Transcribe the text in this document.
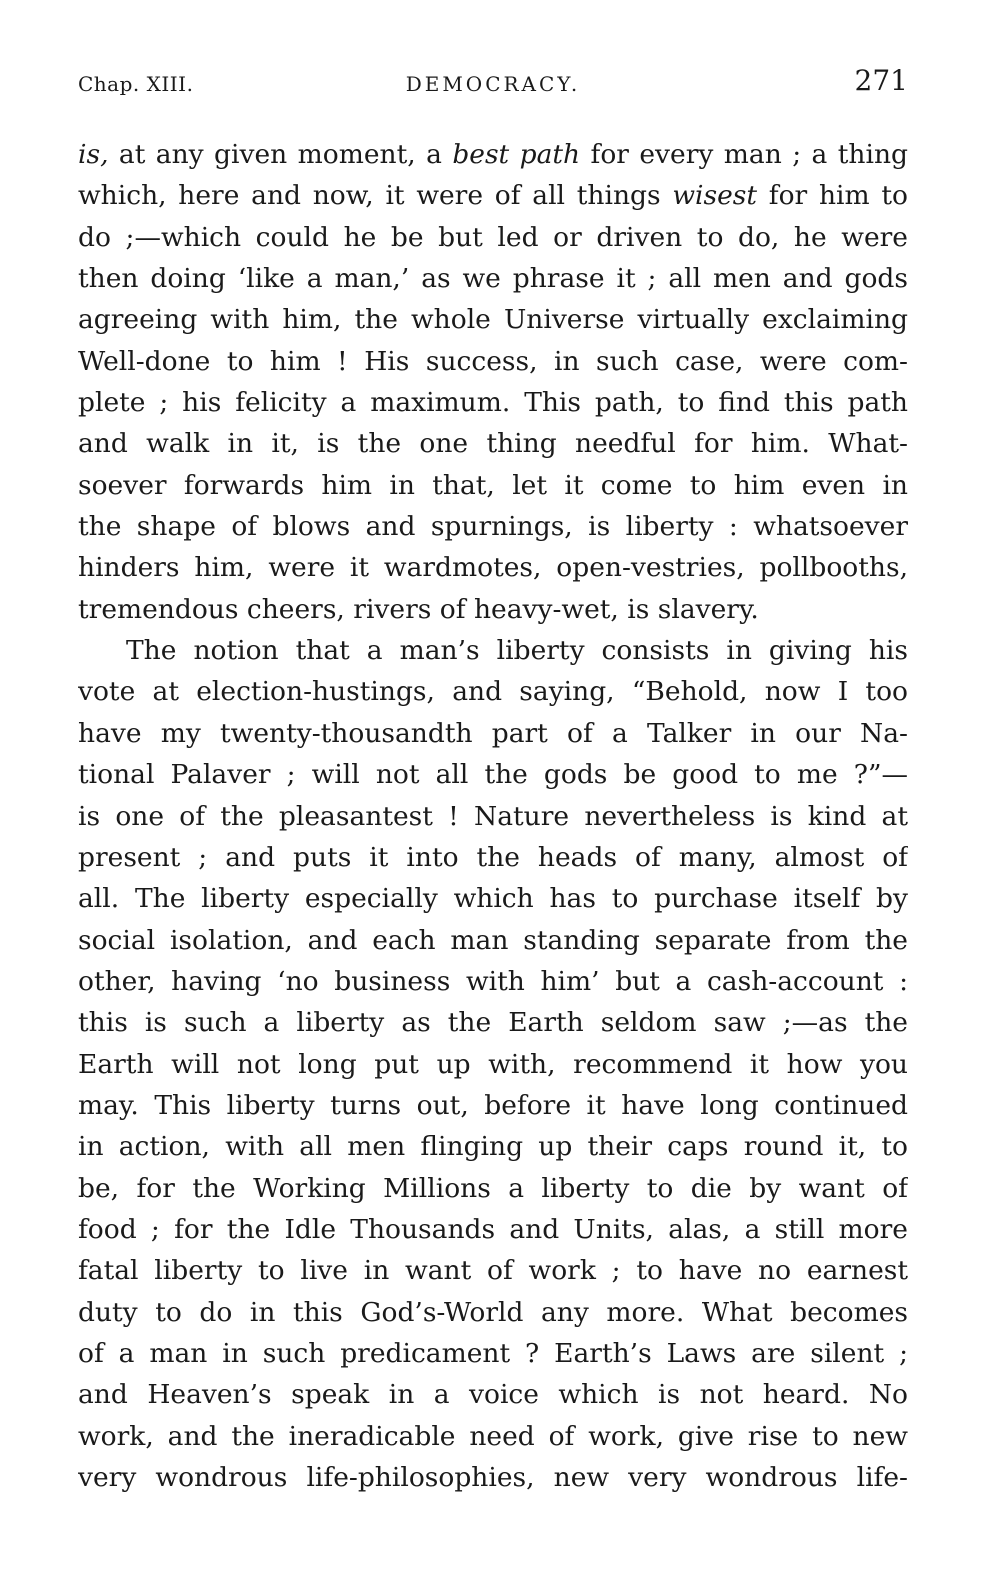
Chap. XIII.	DEMOCRACY.	271
is, at any given moment, a best path for every man ; a thing
which, here and now, it were of all things wisest for him to
do ;—which could he be but led or driven to do, he were
then doing ‘like a man,’ as we phrase it ; all men and gods
agreeing with him, the whole Universe virtually exclaiming
Well-done to him ! His success, in such case, were com-
plete ; his felicity a maximum. This path, to find this path
and walk in it, is the one thing needful for him. What-
soever forwards him in that, let it come to him even in
the shape of blows and spurnings, is liberty : whatsoever
hinders him, were it wardmotes, open-vestries, pollbooths,
tremendous cheers, rivers of heavy-wet, is slavery.
The notion that a man’s liberty consists in giving his
vote at election-hustings, and saying, “Behold, now I too
have my twenty-thousandth part of a Talker in our Na-
tional Palaver ; will not all the gods be good to me ?”—
is one of the pleasantest ! Nature nevertheless is kind at
present ; and puts it into the heads of many, almost of
all. The liberty especially which has to purchase itself by
social isolation, and each man standing separate from the
other, having ‘no business with him’ but a cash-account :
this is such a liberty as the Earth seldom saw ;—as the
Earth will not long put up with, recommend it how you
may. This liberty turns out, before it have long continued
in action, with all men flinging up their caps round it, to
be, for the Working Millions a liberty to die by want of
food ; for the Idle Thousands and Units, alas, a still more
fatal liberty to live in want of work ; to have no earnest
duty to do in this God’s-World any more. What becomes
of a man in such predicament ? Earth’s Laws are silent ;
and Heaven’s speak in a voice which is not heard. No
work, and the ineradicable need of work, give rise to new
very wondrous life-philosophies, new very wondrous life-
